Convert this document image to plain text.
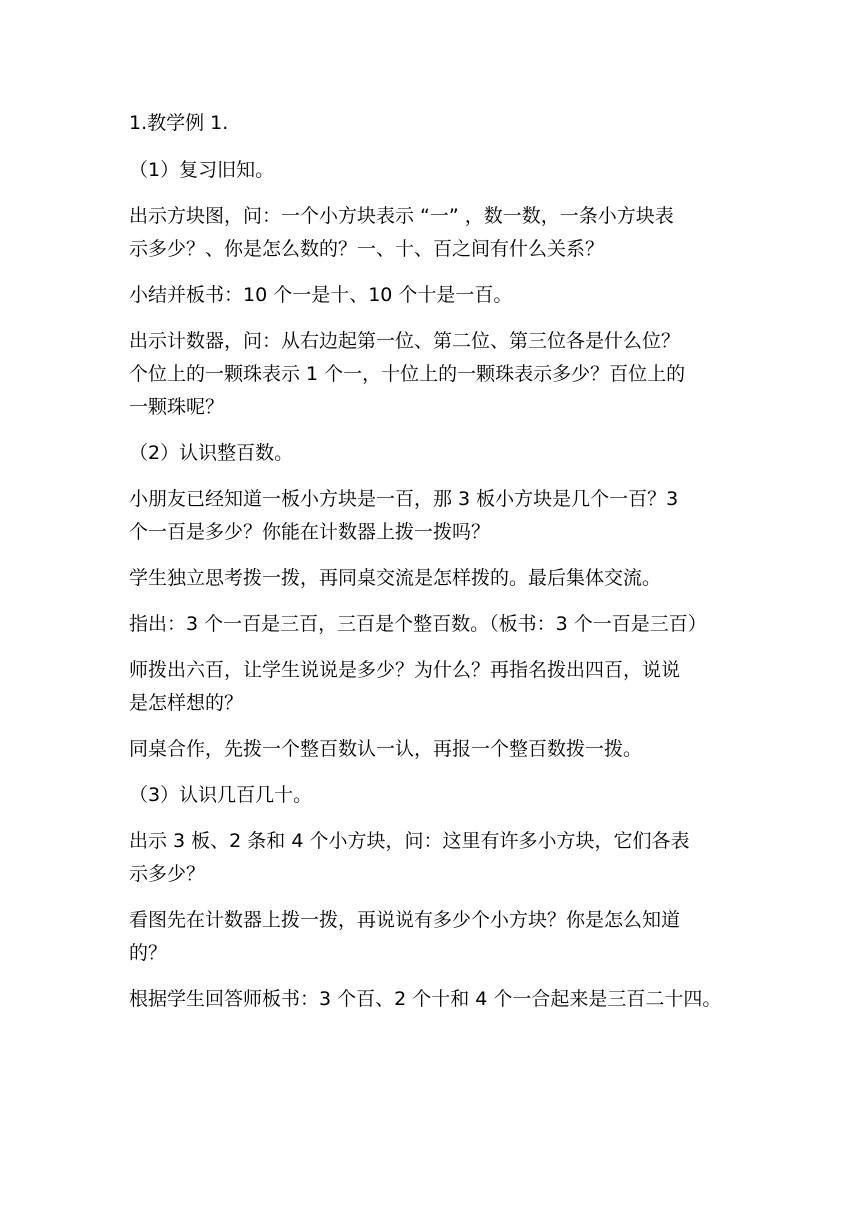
1.教学例 1.
（1）复习旧知。
出示方块图，问：一个小方块表示 “一” ，数一数，一条小方块表
示多少？、你是怎么数的？一、十、百之间有什么关系？
小结并板书：10 个一是十、10 个十是一百。
出示计数器，问：从右边起第一位、第二位、第三位各是什么位？
个位上的一颗珠表示 1 个一，十位上的一颗珠表示多少？百位上的
一颗珠呢？
（2）认识整百数。
小朋友已经知道一板小方块是一百，那 3 板小方块是几个一百？3
个一百是多少？你能在计数器上拨一拨吗？
学生独立思考拨一拨，再同桌交流是怎样拨的。最后集体交流。
指出：3 个一百是三百，三百是个整百数。（板书：3 个一百是三百）
师拨出六百，让学生说说是多少？为什么？再指名拨出四百，说说
是怎样想的？
同桌合作，先拨一个整百数认一认，再报一个整百数拨一拨。
（3）认识几百几十。
出示 3 板、2 条和 4 个小方块，问：这里有许多小方块，它们各表
示多少？
看图先在计数器上拨一拨，再说说有多少个小方块？你是怎么知道
的？
根据学生回答师板书：3 个百、2 个十和 4 个一合起来是三百二十四。
